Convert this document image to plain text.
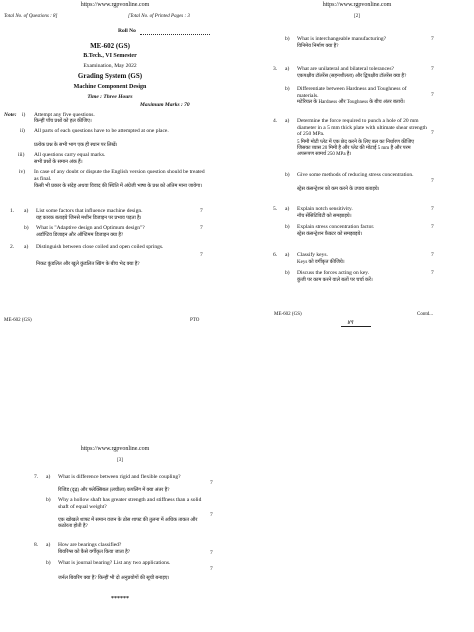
https://www.rgpvonline.com
Total No. of Questions : 8]	[Total No. of Printed Pages : 3
Roll No
ME-602 (GS)
B.Tech., VI Semester
Examination, May 2022
Grading System (GS)
Machine Component Design
Time : Three Hours
Maximum Marks : 70
Note: i) Attempt any five questions.
किन्हीं पाँच प्रश्नों को हल कीजिए।
ii) All parts of each questions have to be attempted at one place.
प्रत्येक प्रश्न के सभी भाग एक ही स्थान पर लिखें।
iii) All questions carry equal marks.
सभी प्रश्नों के समान अंक हैं।
iv) In case of any doubt or dispute the English version question should be treated as final.
किसी भी प्रकार के संदेह अथवा विवाद की स्थिति में अंग्रेजी भाषा के प्रश्न को अंतिम माना जायेगा।
1. a) List some factors that influence machine design.	7
यह कारक बताइये जिनसे मशीन डिजाइन पर प्रभाव पड़ता है।
b) What is "Adaptive design and Optimum design"?	7
अडॉप्टिव डिजाइन और ऑप्टिमम डिजाइन क्या है?
2. a) Distinguish between close coiled and open coiled springs.
7
निकट कुंडलित और खुले कुंडलित स्प्रिंग के बीच भेद क्या है?
ME-602 (GS)	PTO
https://www.rgpvonline.com
[2]
b) What is interchangeable manufacturing?	7
विनिमेय निर्माण क्या है?
3. a) What are unilateral and bilateral tolerances?	7
एकपक्षीय टॉलरेंस (सहनशीलता) और द्विपक्षीय टॉलरेंस क्या है?
b) Differentiate between Hardness and Toughness of materials.	7
मटेरियल के Hardness और Toughness के बीच अंतर बतायें।
4. a) Determine the force required to punch a hole of 20 mm diameter in a 5 mm thick plate with ultimate shear strength of 250 MPa.	7
5 मिमी मोटी प्लेट में एक छेद करने के लिए बल का निर्धारण कीजिए जिसका व्यास 20 मिमी है और प्लेट की मोटाई 5 mm है और परम अपरूपण सामर्थ 250 MPa है।
b) Give some methods of reducing stress concentration.
7
स्ट्रेस कंसन्ट्रेशन को कम करने के उपाय बताइये।
5. a) Explain notch sensitivity.	7
नॉच सेंसिटिविटी को समझाइये।
b) Explain stress concentration factor.	7
स्ट्रेस कंसन्ट्रेशन फ़ैक्टर को समझाइये।
6. a) Classify keys.	7
Keys को वर्गीकृत कीजिये।
b) Discuss the forces acting on key.	7
कुंजी पर काम करने वाले बलों पर चर्चा करें।
ME-602 (GS)	Contd...
४९
https://www.rgpvonline.com
[3]
7. a) What is difference between rigid and flexible coupling?
7
रिजिड (दृढ़) और फ्लेक्सिबल (लचीला) कपलिंग में क्या अंतर है?
b) Why a hollow shaft has greater strength and stiffness than a solid shaft of equal weight?
7
एक खोखले शाफ्ट में समान वजन के ठोस शाफ्ट की तुलना में अधिक ताकत और कठोरता होती है?
8. a) How are bearings classified?
बियरिंग्स को कैसे वर्गीकृत किया जाता है?	7
b) What is journal bearing? List any two applications.
7
जर्नल बियरिंग क्या है? किन्हीं भी दो अनुप्रयोगों की सूची बनाइए।
******
